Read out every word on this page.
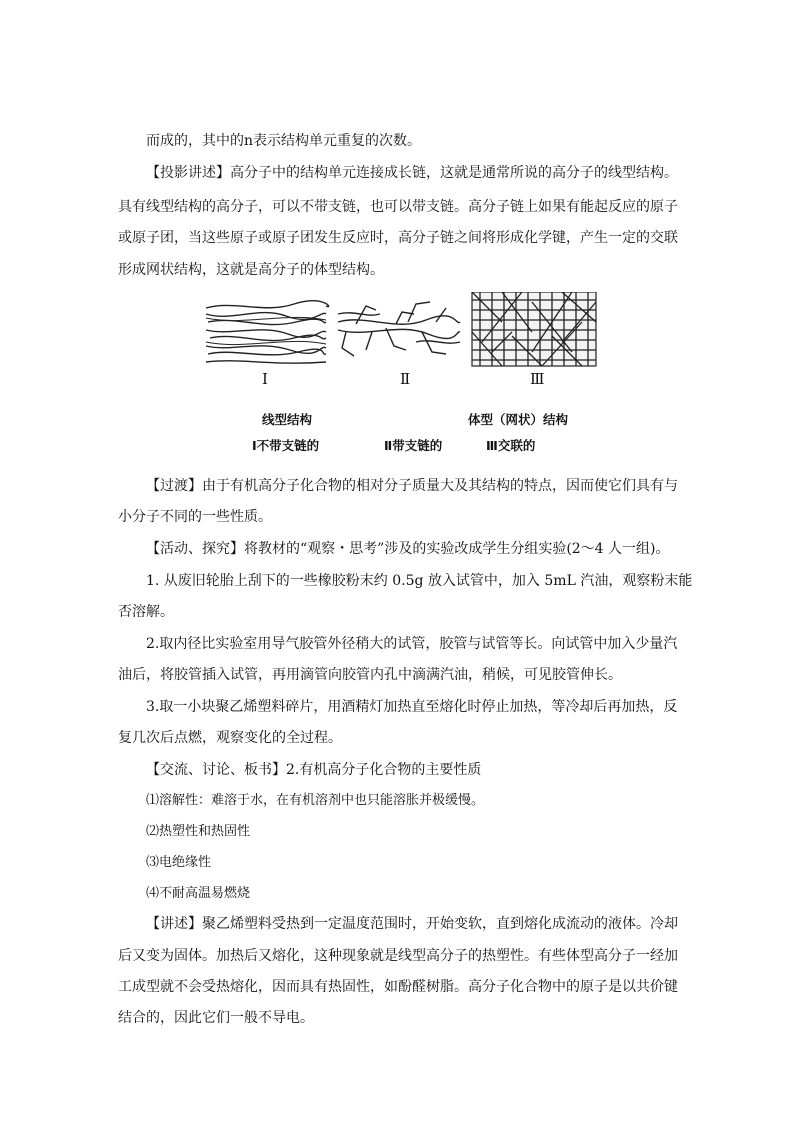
而成的，其中的n表示结构单元重复的次数。
【投影讲述】高分子中的结构单元连接成长链，这就是通常所说的高分子的线型结构。
具有线型结构的高分子，可以不带支链，也可以带支链。高分子链上如果有能起反应的原子
或原子团，当这些原子或原子团发生反应时，高分子链之间将形成化学键，产生一定的交联
形成网状结构，这就是高分子的体型结构。
Ⅰ	Ⅱ	Ⅲ
线型结构	体型（网状）结构
Ⅰ不带支链的	Ⅱ带支链的	Ⅲ交联的
【过渡】由于有机高分子化合物的相对分子质量大及其结构的特点，因而使它们具有与
小分子不同的一些性质。
【活动、探究】将教材的“观察・思考”涉及的实验改成学生分组实验(2～4 人一组)。
1. 从废旧轮胎上刮下的一些橡胶粉末约 0.5g 放入试管中，加入 5mL 汽油，观察粉末能
否溶解。
2.取内径比实验室用导气胶管外径稍大的试管，胶管与试管等长。向试管中加入少量汽
油后，将胶管插入试管，再用滴管向胶管内孔中滴满汽油，稍候，可见胶管伸长。
3.取一小块聚乙烯塑料碎片，用酒精灯加热直至熔化时停止加热，等冷却后再加热，反
复几次后点燃，观察变化的全过程。
【交流、讨论、板书】2.有机高分子化合物的主要性质
⑴溶解性：难溶于水，在有机溶剂中也只能溶胀并极缓慢。
⑵热塑性和热固性
⑶电绝缘性
⑷不耐高温易燃烧
【讲述】聚乙烯塑料受热到一定温度范围时，开始变软，直到熔化成流动的液体。冷却
后又变为固体。加热后又熔化，这种现象就是线型高分子的热塑性。有些体型高分子一经加
工成型就不会受热熔化，因而具有热固性，如酚醛树脂。高分子化合物中的原子是以共价键
结合的，因此它们一般不导电。
